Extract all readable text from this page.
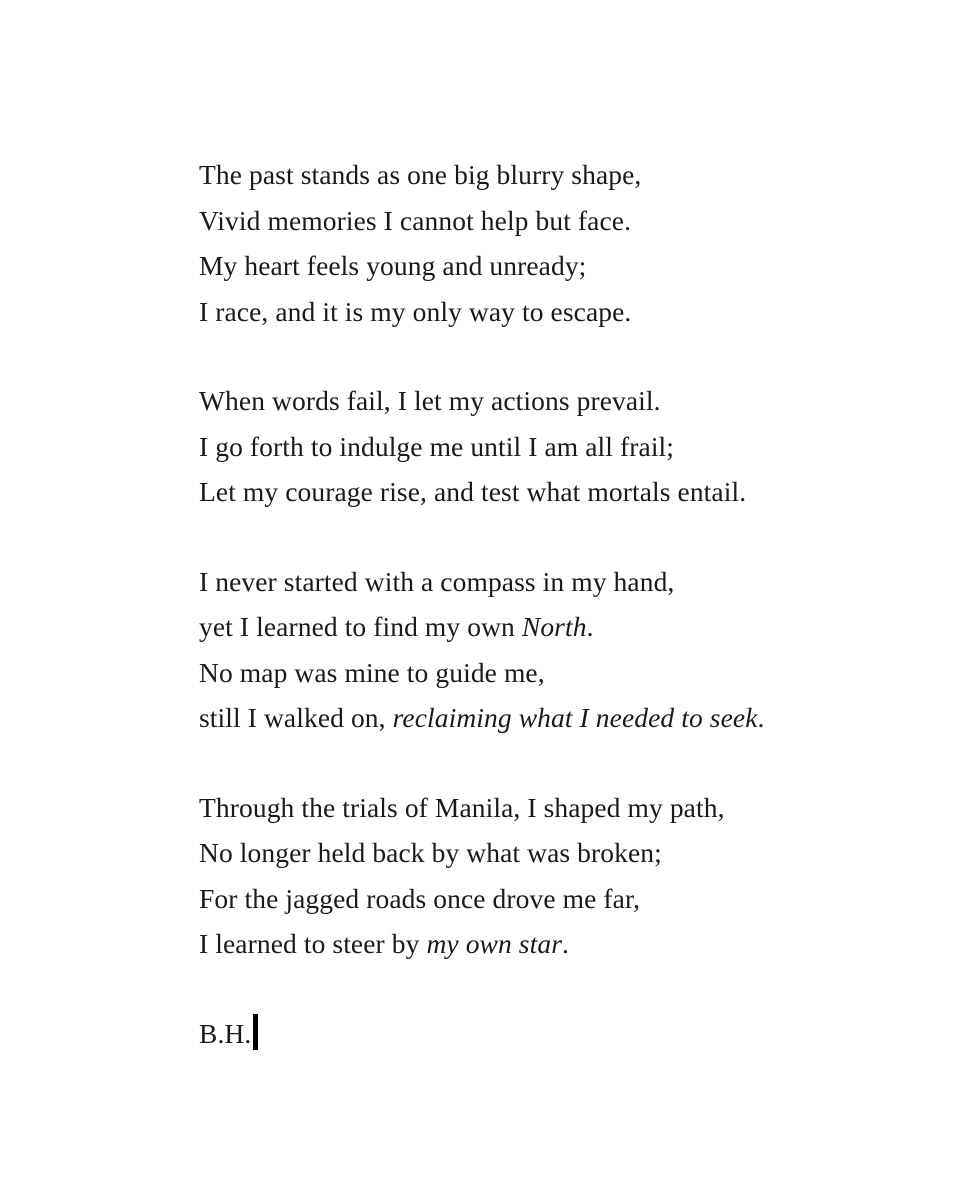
The past stands as one big blurry shape,
Vivid memories I cannot help but face.
My heart feels young and unready;
I race, and it is my only way to escape.
When words fail, I let my actions prevail.
I go forth to indulge me until I am all frail;
Let my courage rise, and test what mortals entail.
I never started with a compass in my hand,
yet I learned to find my own North.
No map was mine to guide me,
still I walked on, reclaiming what I needed to seek.
Through the trials of Manila, I shaped my path,
No longer held back by what was broken;
For the jagged roads once drove me far,
I learned to steer by my own star.
B.H.
